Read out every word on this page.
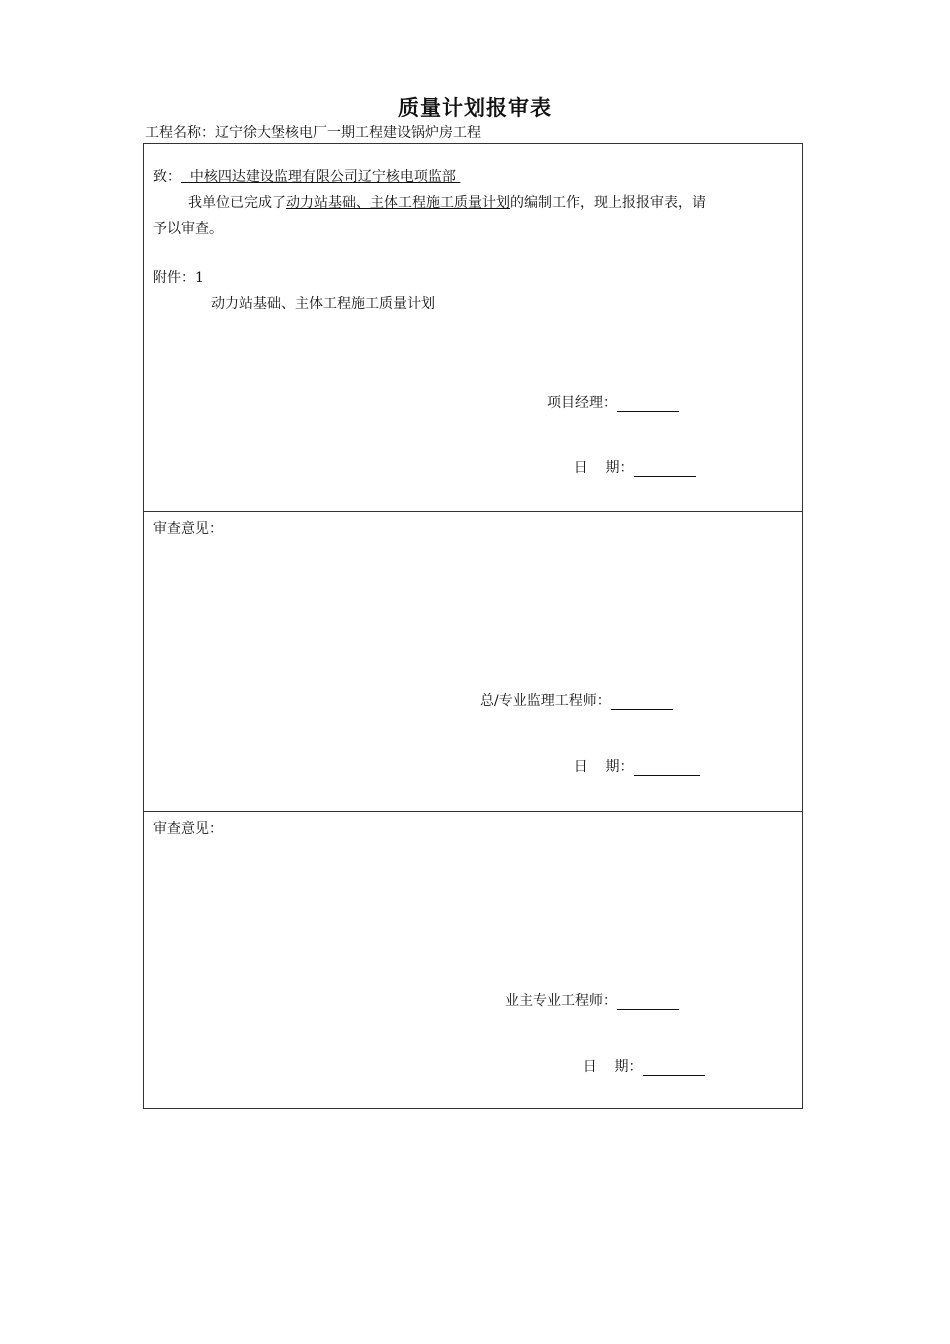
质量计划报审表
工程名称：辽宁徐大堡核电厂一期工程建设锅炉房工程
致：  中核四达建设监理有限公司辽宁核电项监部
我单位已完成了动力站基础、主体工程施工质量计划的编制工作，现上报报审表，请
予以审查。
附件：1
动力站基础、主体工程施工质量计划
项目经理：

日    期：

审查意见：
总/专业监理工程师：

日    期：

审查意见：
业主专业工程师：

日    期：
